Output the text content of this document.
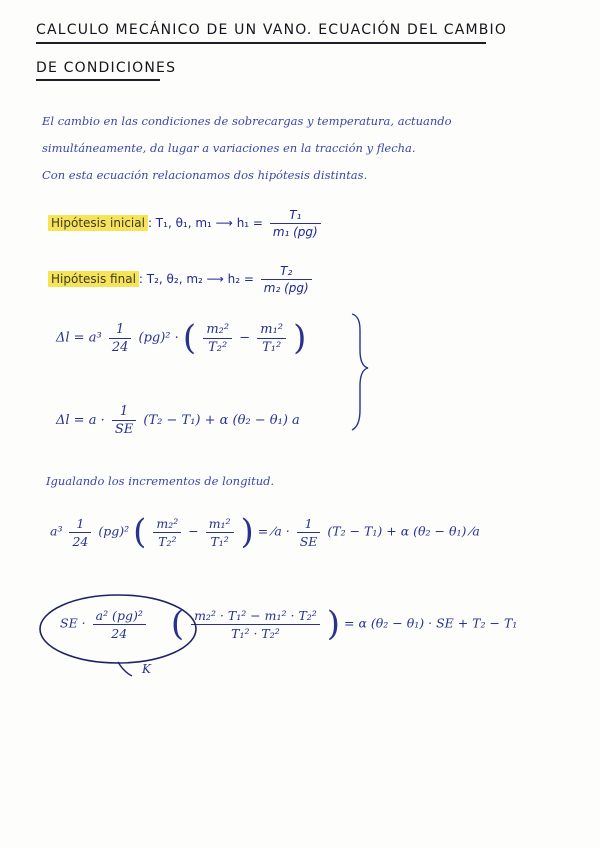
CALCULO MECÁNICO DE UN VANO. ECUACIÓN DEL CAMBIO
DE CONDICIONES
El cambio en las condiciones de sobrecargas y temperatura, actuando
simultáneamente, da lugar a variaciones en la tracción y flecha.
Con esta ecuación relacionamos dos hipótesis distintas.
Hipótesis inicial : T₁, θ₁, m₁ ⟶ $h_1 = \frac{\text{T₁}}{\text{m₁ (pg)}}$
Hipótesis final : T₂, θ₂, m₂ ⟶ $h_2 = \frac{\text{T₂}}{\text{m₂ (pg)}}$
$\Delta l = a^3 \frac{1}{24} (pg)^2$ · ( $\frac{\text{m₂²}}{\text{T₂²}} - \frac{\text{m₁²}}{\text{T₁²}}$ )
$\Delta l = a \cdot \frac{1}{SE} (T_2 - T_1) + \alpha$ (θ₂ − θ₁) a
Igualando los incrementos de longitud.
$a^3 \frac{1}{24} (pg)^2$ ( $\frac{\text{m₂²}}{\text{T₂²}} - \frac{\text{m₁²}}{\text{T₁²}}$ ) = ⁄a · $\frac{1}{SE} (T_2 - T_1) + \alpha$ (θ₂ − θ₁) ⁄a
SE · $\frac{\text{a² (pg)²}}{24}$ ( $\frac{\text{m₂² · T₁² − m₁² · T₂²}}{\text{T₁² · T₂²}}$ ) = α (θ₂ − θ₁) · SE + T₂ − T₁
K
